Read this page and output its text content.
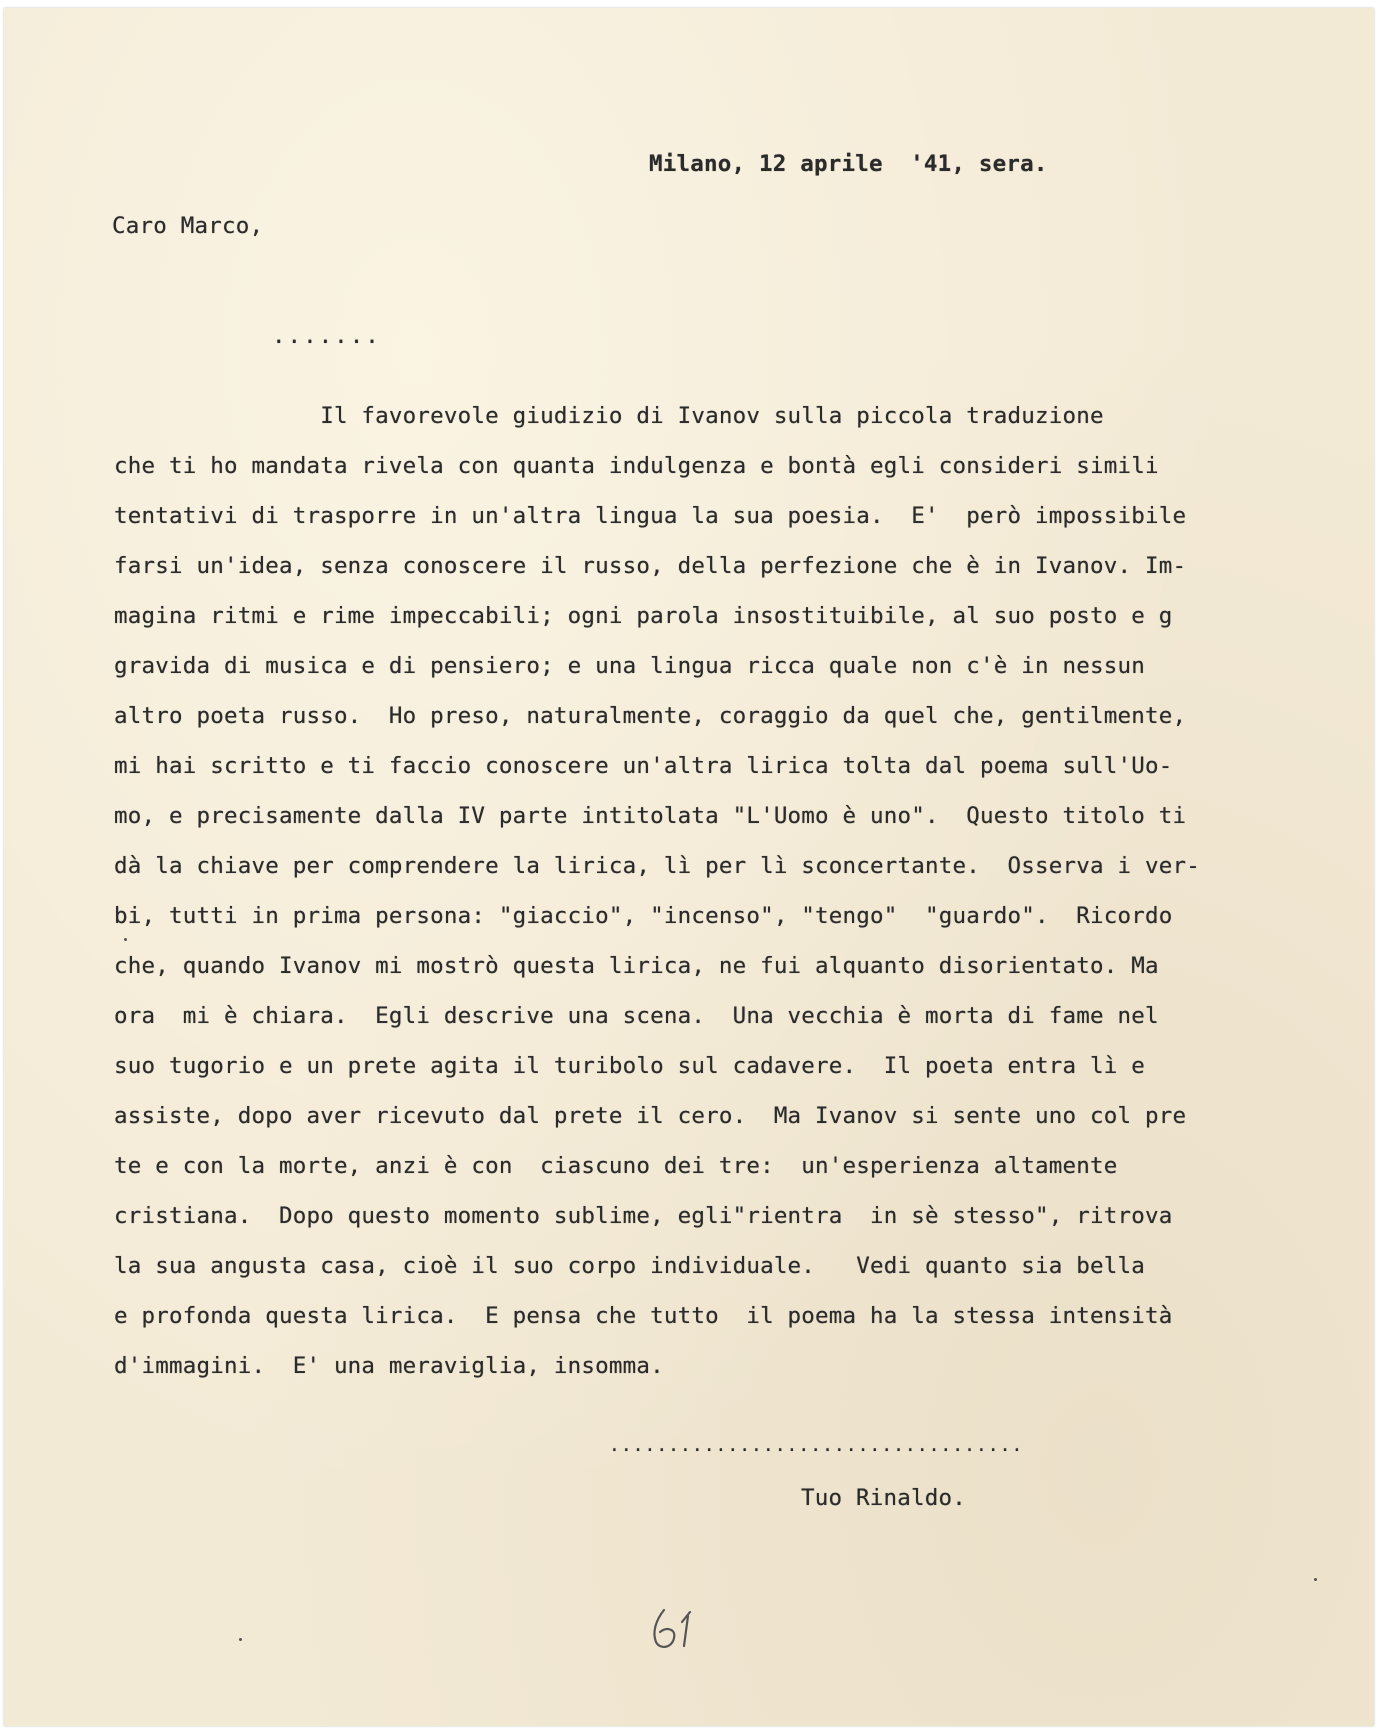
Milano, 12 aprile  '41, sera.

Caro Marco,

.......

Il favorevole giudizio di Ivanov sulla piccola traduzione

che ti ho mandata rivela con quanta indulgenza e bontà egli consideri simili

tentativi di trasporre in un'altra lingua la sua poesia.  E'  però impossibile

farsi un'idea, senza conoscere il russo, della perfezione che è in Ivanov. Im-

magina ritmi e rime impeccabili; ogni parola insostituibile, al suo posto e g

gravida di musica e di pensiero; e una lingua ricca quale non c'è in nessun

altro poeta russo.  Ho preso, naturalmente, coraggio da quel che, gentilmente,

mi hai scritto e ti faccio conoscere un'altra lirica tolta dal poema sull'Uo-

mo, e precisamente dalla IV parte intitolata "L'Uomo è uno".  Questo titolo ti

dà la chiave per comprendere la lirica, lì per lì sconcertante.  Osserva i ver-

bi, tutti in prima persona: "giaccio", "incenso", "tengo"  "guardo".  Ricordo

che, quando Ivanov mi mostrò questa lirica, ne fui alquanto disorientato. Ma

ora  mi è chiara.  Egli descrive una scena.  Una vecchia è morta di fame nel

suo tugorio e un prete agita il turibolo sul cadavere.  Il poeta entra lì e

assiste, dopo aver ricevuto dal prete il cero.  Ma Ivanov si sente uno col pre

te e con la morte, anzi è con  ciascuno dei tre:  un'esperienza altamente

cristiana.  Dopo questo momento sublime, egli"rientra  in sè stesso", ritrova

la sua angusta casa, cioè il suo corpo individuale.   Vedi quanto sia bella

e profonda questa lirica.  E pensa che tutto  il poema ha la stessa intensità

d'immagini.  E' una meraviglia, insomma.

...................................

Tuo Rinaldo.
